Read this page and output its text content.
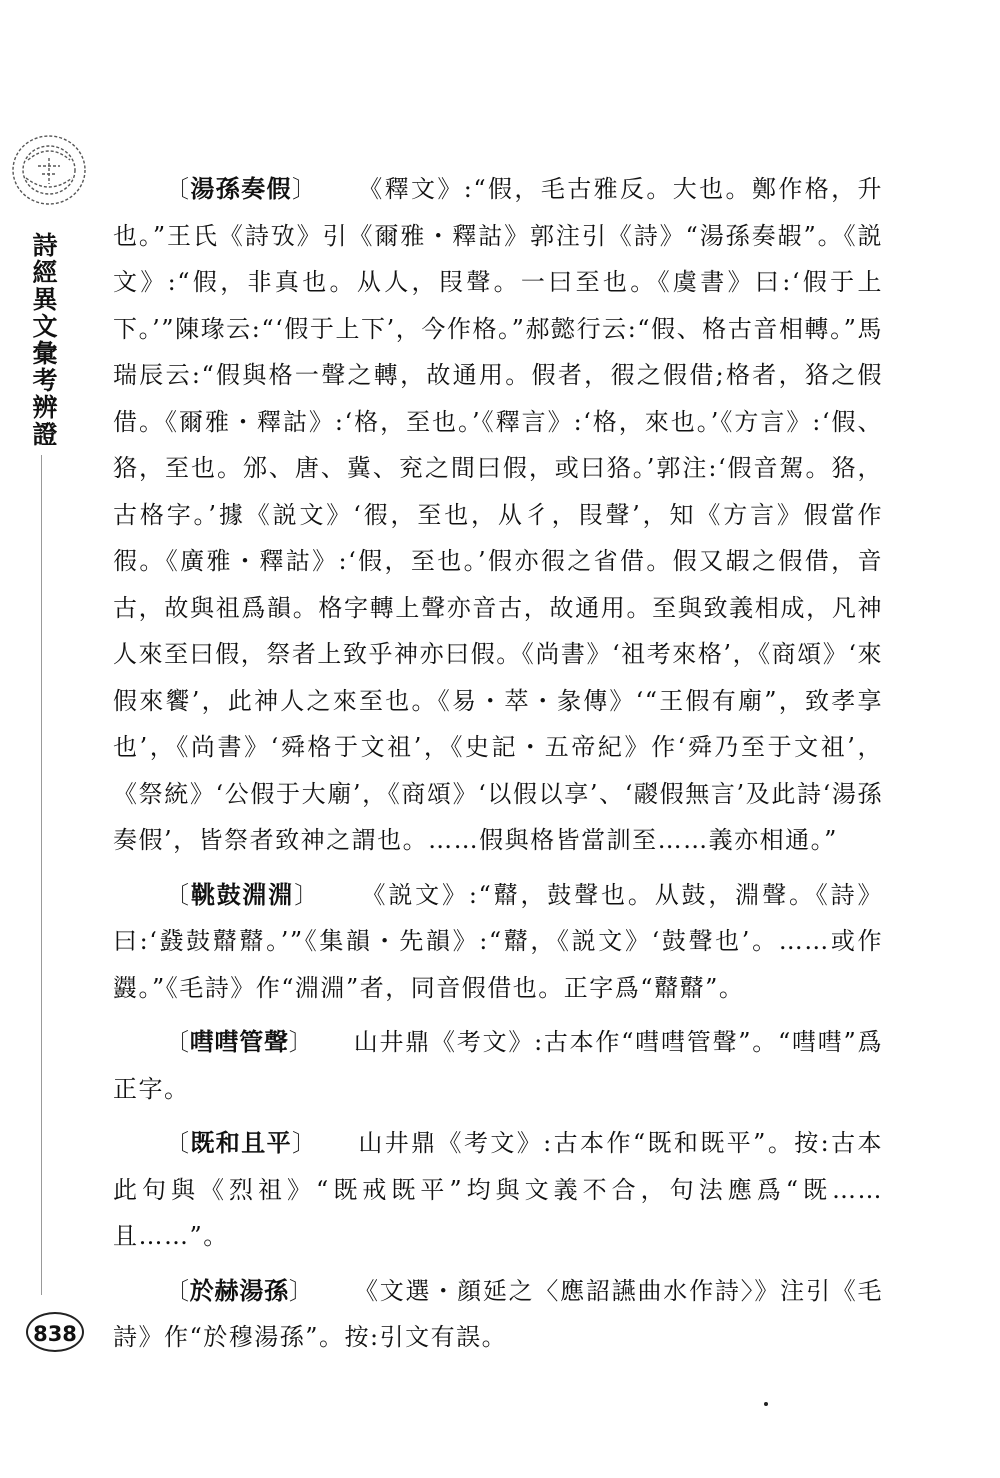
詩經異文彙考辨證
838

〔湯孫奏假〕 《釋文》:“假，毛古雅反。大也。鄭作格，升也。”王氏《詩攷》引《爾雅・釋詁》郭注引《詩》“湯孫奏嘏”。《説文》:“假，非真也。从人，叚聲。一曰至也。《虞書》曰:‘假于上下。’”陳瑑云:“‘假于上下’，今作格。”郝懿行云:“假、格古音相轉。”馬瑞辰云:“假與格一聲之轉，故通用。假者，徦之假借;格者，狢之假借。《爾雅・釋詁》:‘格，至也。’《釋言》:‘格，來也。’《方言》:‘假、狢，至也。邠、唐、冀、兖之間曰假，或曰狢。’郭注:‘假音駕。狢，古格字。’據《説文》‘徦，至也，从彳，叚聲’，知《方言》假當作徦。《廣雅・釋詁》:‘假，至也。’假亦徦之省借。假又嘏之假借，音古，故與祖爲韻。格字轉上聲亦音古，故通用。至與致義相成，凡神人來至曰假，祭者上致乎神亦曰假。《尚書》‘祖考來格’，《商頌》‘來假來饗’，此神人之來至也。《易・萃・彖傳》‘“王假有廟”，致孝享也’，《尚書》‘舜格于文祖’，《史記・五帝紀》作‘舜乃至于文祖’，《祭統》‘公假于大廟’，《商頌》‘以假以享’、‘鬷假無言’及此詩‘湯孫奏假’，皆祭者致神之謂也。……假與格皆當訓至……義亦相通。”

〔鞉鼓淵淵〕 《説文》:“鼘，鼓聲也。从鼓，淵聲。《詩》曰:‘鼗鼓鼘鼘。’”《集韻・先韻》:“鼘，《説文》‘鼓聲也’。……或作鼝。”《毛詩》作“淵淵”者，同音假借也。正字爲“鼘鼘”。

〔嘒嘒管聲〕 山井鼎《考文》:古本作“嘒嘒管聲”。“嘒嘒”爲正字。

〔既和且平〕 山井鼎《考文》:古本作“既和既平”。按:古本此句與《烈祖》“既戒既平”均與文義不合，句法應爲“既……且……”。

〔於赫湯孫〕 《文選・顔延之〈應詔讌曲水作詩〉》注引《毛詩》作“於穆湯孫”。按:引文有誤。
